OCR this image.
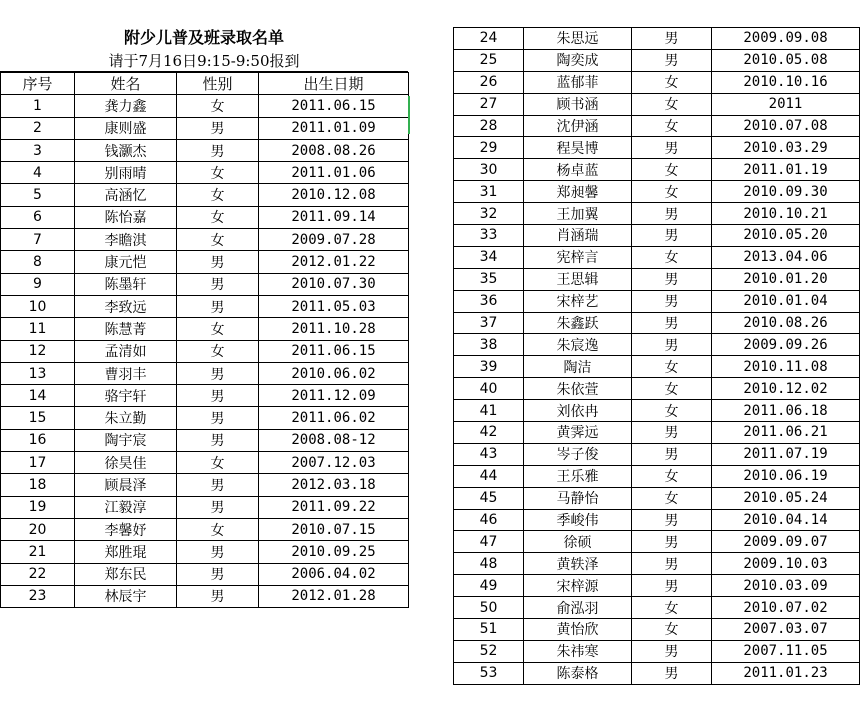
附少儿普及班录取名单
请于7月16日9:15-9:50报到
序号	姓名	性别	出生日期
1	龚力鑫	女	2011.06.15
2	康则盛	男	2011.01.09
3	钱灏杰	男	2008.08.26
4	别雨晴	女	2011.01.06
5	高涵忆	女	2010.12.08
6	陈怡嘉	女	2011.09.14
7	李瞻淇	女	2009.07.28
8	康元恺	男	2012.01.22
9	陈墨轩	男	2010.07.30
10	李致远	男	2011.05.03
11	陈慧菁	女	2011.10.28
12	孟清如	女	2011.06.15
13	曹羽丰	男	2010.06.02
14	骆宇轩	男	2011.12.09
15	朱立勤	男	2011.06.02
16	陶宇宸	男	2008.08-12
17	徐昊佳	女	2007.12.03
18	顾晨泽	男	2012.03.18
19	江毅淳	男	2011.09.22
20	李馨妤	女	2010.07.15
21	郑胜琨	男	2010.09.25
22	郑东民	男	2006.04.02
23	林辰宇	男	2012.01.28
24	朱思远	男	2009.09.08
25	陶奕成	男	2010.05.08
26	蓝郁菲	女	2010.10.16
27	顾书涵	女	2011
28	沈伊涵	女	2010.07.08
29	程昊博	男	2010.03.29
30	杨卓蓝	女	2011.01.19
31	郑昶馨	女	2010.09.30
32	王加翼	男	2010.10.21
33	肖涵瑞	男	2010.05.20
34	宪梓言	女	2013.04.06
35	王思辑	男	2010.01.20
36	宋梓艺	男	2010.01.04
37	朱鑫跃	男	2010.08.26
38	朱宸逸	男	2009.09.26
39	陶洁	女	2010.11.08
40	朱依萱	女	2010.12.02
41	刘依冉	女	2011.06.18
42	黄霁远	男	2011.06.21
43	岑子俊	男	2011.07.19
44	王乐雅	女	2010.06.19
45	马静怡	女	2010.05.24
46	季峻伟	男	2010.04.14
47	徐硕	男	2009.09.07
48	黄轶泽	男	2009.10.03
49	宋梓源	男	2010.03.09
50	俞泓羽	女	2010.07.02
51	黄怡欣	女	2007.03.07
52	朱祎寒	男	2007.11.05
53	陈泰格	男	2011.01.23
